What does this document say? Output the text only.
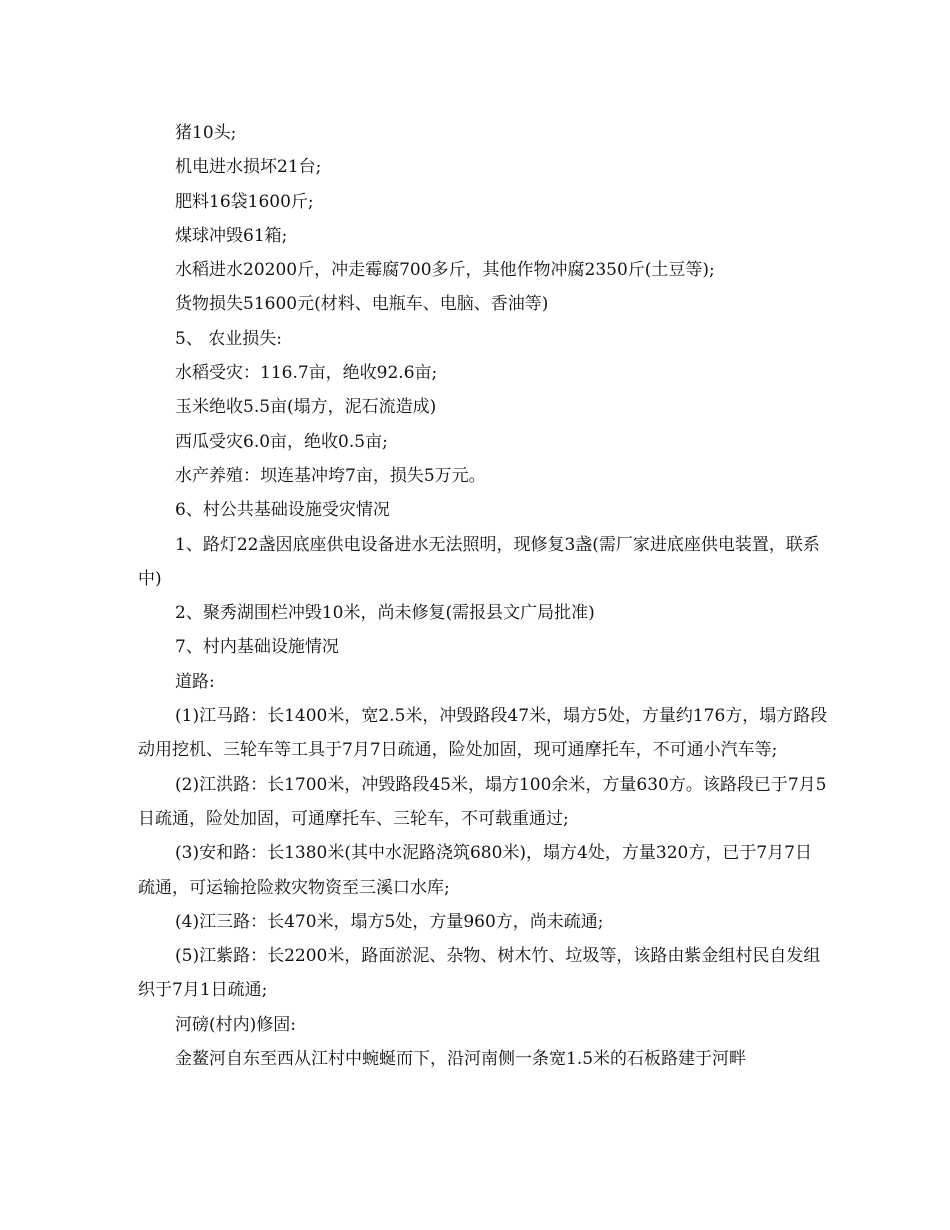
猪10头;

机电进水损坏21台;

肥料16袋1600斤;

煤球冲毁61箱;

水稻进水20200斤，冲走霉腐700多斤，其他作物冲腐2350斤(土豆等);

货物损失51600元(材料、电瓶车、电脑、香油等)

5、 农业损失:

水稻受灾：116.7亩，绝收92.6亩;

玉米绝收5.5亩(塌方，泥石流造成)

西瓜受灾6.0亩，绝收0.5亩;

水产养殖：坝连基冲垮7亩，损失5万元。

6、村公共基础设施受灾情况

1、路灯22盏因底座供电设备进水无法照明，现修复3盏(需厂家进底座供电装置，联系中)

2、聚秀湖围栏冲毁10米，尚未修复(需报县文广局批准)

7、村内基础设施情况

道路:

(1)江马路：长1400米，宽2.5米，冲毁路段47米，塌方5处，方量约176方，塌方路段动用挖机、三轮车等工具于7月7日疏通，险处加固，现可通摩托车，不可通小汽车等;

(2)江洪路：长1700米，冲毁路段45米，塌方100余米，方量630方。该路段已于7月5日疏通，险处加固，可通摩托车、三轮车，不可载重通过;

(3)安和路：长1380米(其中水泥路浇筑680米)，塌方4处，方量320方，已于7月7日疏通，可运输抢险救灾物资至三溪口水库;

(4)江三路：长470米，塌方5处，方量960方，尚未疏通;

(5)江紫路：长2200米，路面淤泥、杂物、树木竹、垃圾等，该路由紫金组村民自发组织于7月1日疏通;

河磅(村内)修固:

金鳌河自东至西从江村中蜿蜒而下，沿河南侧一条宽1.5米的石板路建于河畔
